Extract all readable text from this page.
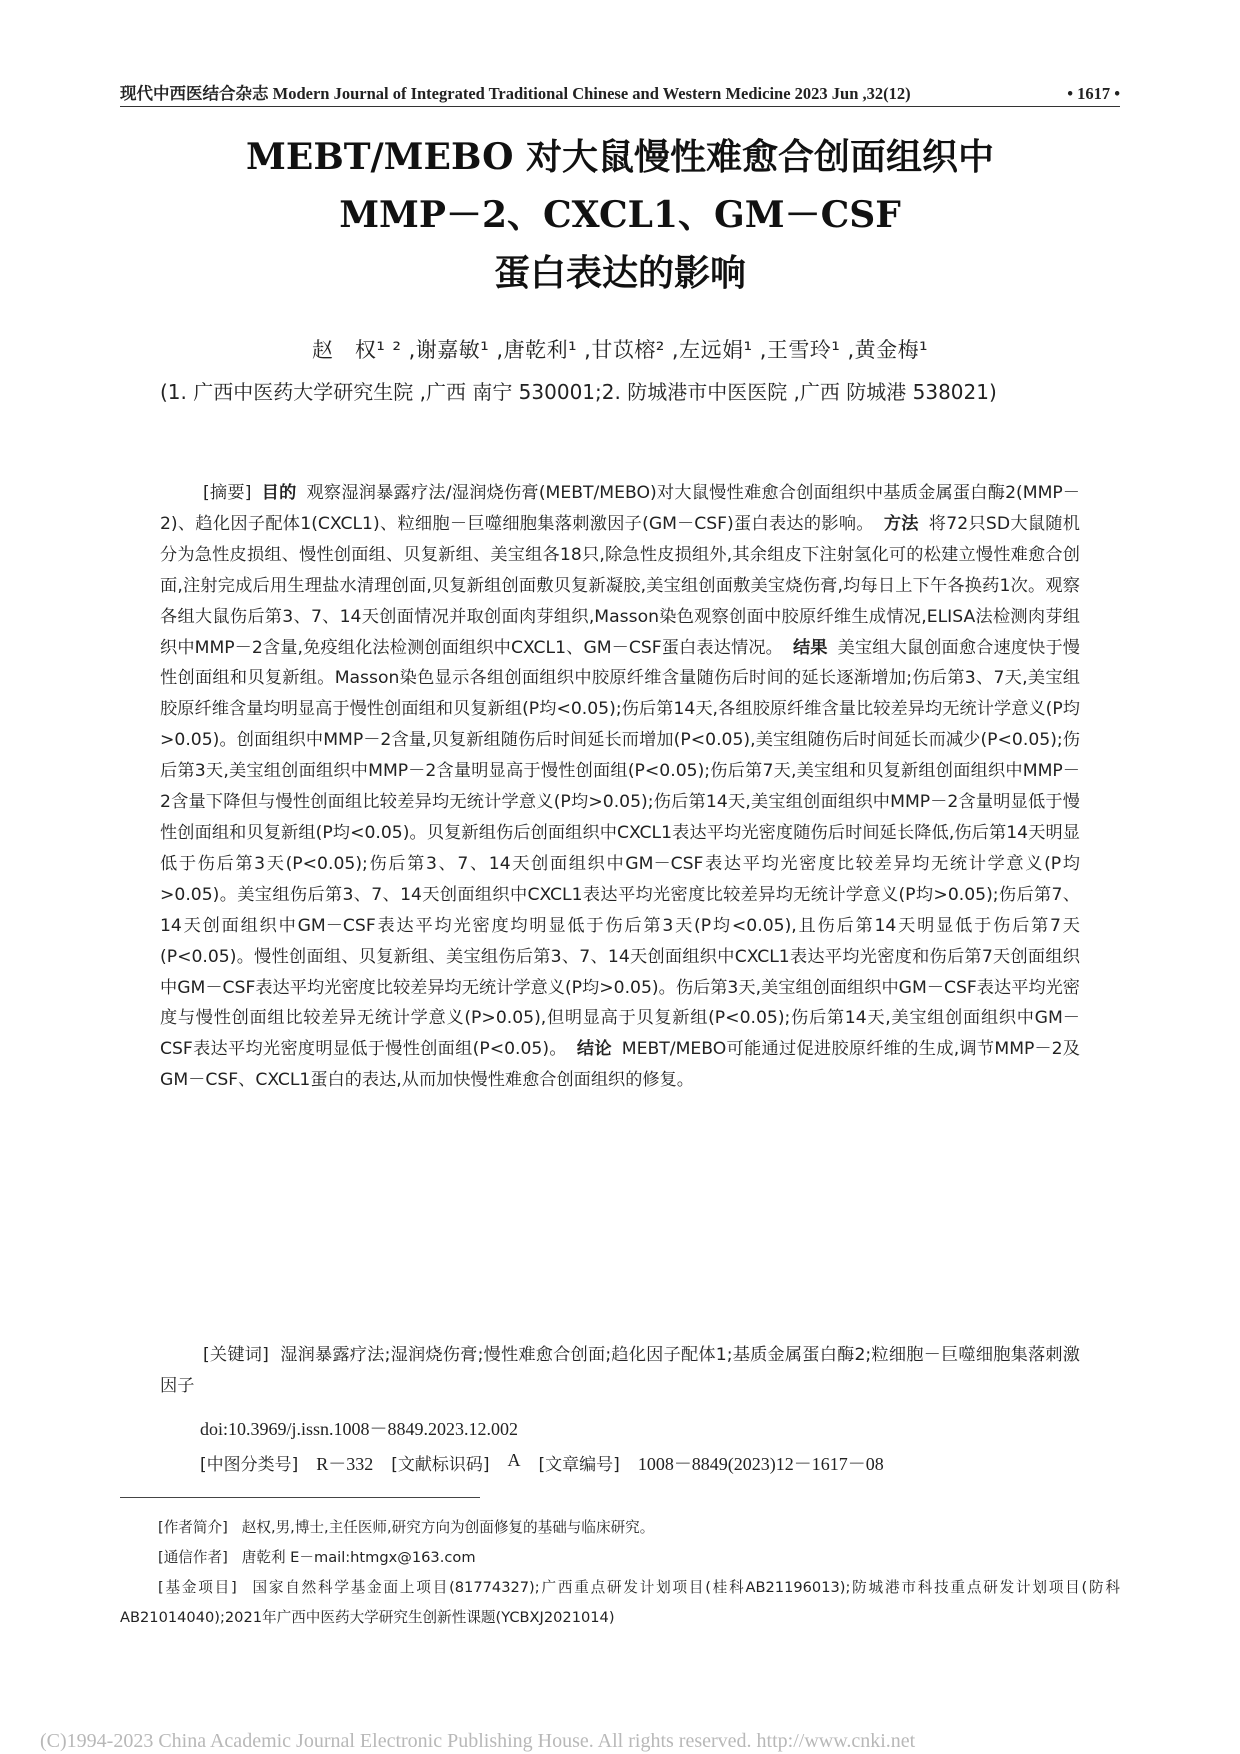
现代中西医结合杂志 Modern Journal of Integrated Traditional Chinese and Western Medicine 2023 Jun ,32(12)	• 1617 •
MEBT/MEBO 对大鼠慢性难愈合创面组织中
MMP－2、CXCL1、GM－CSF
蛋白表达的影响
赵　权¹ ² ,谢嘉敏¹ ,唐乾利¹ ,甘苡榕² ,左远娟¹ ,王雪玲¹ ,黄金梅¹
(1. 广西中医药大学研究生院 ,广西 南宁 530001;2. 防城港市中医医院 ,广西 防城港 538021)
[摘要] 目的 观察湿润暴露疗法/湿润烧伤膏(MEBT/MEBO)对大鼠慢性难愈合创面组织中基质金属蛋白酶2(MMP－2)、趋化因子配体1(CXCL1)、粒细胞－巨噬细胞集落刺激因子(GM－CSF)蛋白表达的影响。 方法 将72只SD大鼠随机分为急性皮损组、慢性创面组、贝复新组、美宝组各18只,除急性皮损组外,其余组皮下注射氢化可的松建立慢性难愈合创面,注射完成后用生理盐水清理创面,贝复新组创面敷贝复新凝胶,美宝组创面敷美宝烧伤膏,均每日上下午各换药1次。观察各组大鼠伤后第3、7、14天创面情况并取创面肉芽组织,Masson染色观察创面中胶原纤维生成情况,ELISA法检测肉芽组织中MMP－2含量,免疫组化法检测创面组织中CXCL1、GM－CSF蛋白表达情况。 结果 美宝组大鼠创面愈合速度快于慢性创面组和贝复新组。Masson染色显示各组创面组织中胶原纤维含量随伤后时间的延长逐渐增加;伤后第3、7天,美宝组胶原纤维含量均明显高于慢性创面组和贝复新组(P均<0.05);伤后第14天,各组胶原纤维含量比较差异均无统计学意义(P均>0.05)。创面组织中MMP－2含量,贝复新组随伤后时间延长而增加(P<0.05),美宝组随伤后时间延长而减少(P<0.05);伤后第3天,美宝组创面组织中MMP－2含量明显高于慢性创面组(P<0.05);伤后第7天,美宝组和贝复新组创面组织中MMP－2含量下降但与慢性创面组比较差异均无统计学意义(P均>0.05);伤后第14天,美宝组创面组织中MMP－2含量明显低于慢性创面组和贝复新组(P均<0.05)。贝复新组伤后创面组织中CXCL1表达平均光密度随伤后时间延长降低,伤后第14天明显低于伤后第3天(P<0.05);伤后第3、7、14天创面组织中GM－CSF表达平均光密度比较差异均无统计学意义(P均>0.05)。美宝组伤后第3、7、14天创面组织中CXCL1表达平均光密度比较差异均无统计学意义(P均>0.05);伤后第7、14天创面组织中GM－CSF表达平均光密度均明显低于伤后第3天(P均<0.05),且伤后第14天明显低于伤后第7天(P<0.05)。慢性创面组、贝复新组、美宝组伤后第3、7、14天创面组织中CXCL1表达平均光密度和伤后第7天创面组织中GM－CSF表达平均光密度比较差异均无统计学意义(P均>0.05)。伤后第3天,美宝组创面组织中GM－CSF表达平均光密度与慢性创面组比较差异无统计学意义(P>0.05),但明显高于贝复新组(P<0.05);伤后第14天,美宝组创面组织中GM－CSF表达平均光密度明显低于慢性创面组(P<0.05)。 结论 MEBT/MEBO可能通过促进胶原纤维的生成,调节MMP－2及GM－CSF、CXCL1蛋白的表达,从而加快慢性难愈合创面组织的修复。
[关键词] 湿润暴露疗法;湿润烧伤膏;慢性难愈合创面;趋化因子配体1;基质金属蛋白酶2;粒细胞－巨噬细胞集落刺激因子
doi:10.3969/j.issn.1008－8849.2023.12.002
[中图分类号] R－332 [文献标识码] A [文章编号] 1008－8849(2023)12－1617－08
[作者简介] 赵权,男,博士,主任医师,研究方向为创面修复的基础与临床研究。
[通信作者] 唐乾利 E－mail:htmgx@163.com
[基金项目] 国家自然科学基金面上项目(81774327);广西重点研发计划项目(桂科AB21196013);防城港市科技重点研发计划项目(防科AB21014040);2021年广西中医药大学研究生创新性课题(YCBXJ2021014)
(C)1994-2023 China Academic Journal Electronic Publishing House. All rights reserved. http://www.cnki.net
